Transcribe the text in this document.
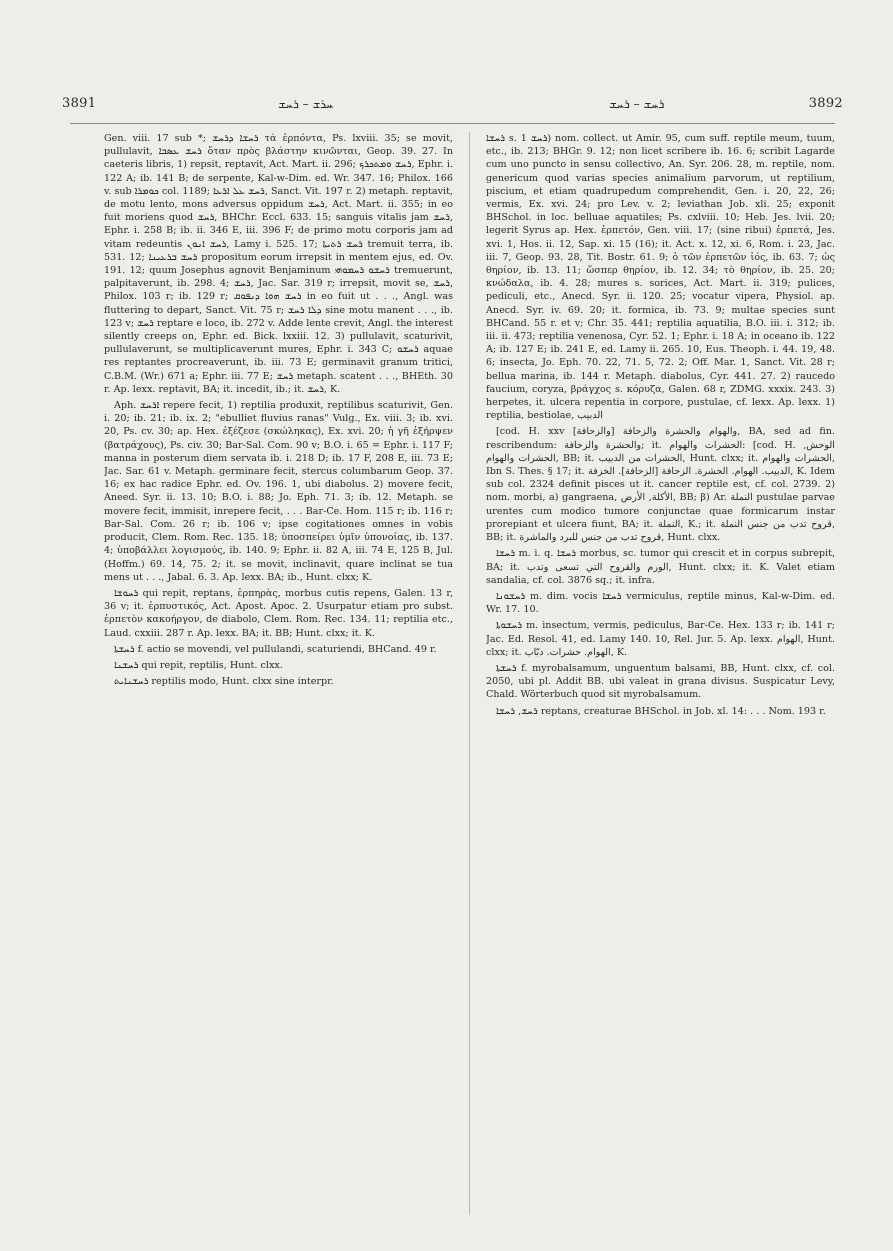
3891	ܚܪܫ – ܪܚܫ	ܪܚܫ – ܪܚܫ	3892

Gen. viii. 17 sub *; ܪܚܫܐ ܕܪܚܫ τὰ ἑρπόντα, Ps. lxviii. 35; se movit, pullulavit, ܪܚܫ ܥܣܒܐ ὅταν πρὸς βλάστην κινῶνται, Geop. 39. 27. In caeteris libris, 1) repsit, reptavit, Act. Mart. ii. 296; ܪܚܫ ܘܡܬܟܪܟ, Ephr. i. 122 A; ib. 141 B; de serpente, Kal-w-Dim. ed. Wr. 347. 16; Philox. 166 v. sub ܟܘܡܪܐ col. 1189; ܪܚܫ ܥܠ ܐܪܥܐ, Sanct. Vit. 197 r. 2) metaph. reptavit, de motu lento, mons adversus oppidum ܪܚܫ, Act. Mart. ii. 355; in eo fuit moriens quod ܪܚܫ, BHChr. Eccl. 633. 15; sanguis vitalis jam ܪܚܫ, Ephr. i. 258 B; ib. ii. 346 E, iii. 396 F; de primo motu corporis jam ad vitam redeuntis ܪܚܫ ܐܢܘܢ, Lamy i. 525. 17; ܪܚܫ ܪܬܝܬܐ tremuit terra, ib. 531. 12; ܪܚܫ ܒܪܥܝܢܐ propositum eorum irrepsit in mentem ejus, ed. Ov. 191. 12; quum Josephus agnovit Benjaminum ܪܚܫܘ ܪܚܡܘܗܝ tremuerunt, palpitaverunt, ib. 298. 4; ܪܚܫ, Jac. Sar. 319 r; irrepsit, movit se, ܪܚܫ, Philox. 103 r; ib. 129 r; ܪܚܫ ܗܘܐ ܕܢܦܘܩ in eo fuit ut . . ., Angl. was fluttering to depart, Sanct. Vit. 75 r; ܕܠܐ ܪܚܫ sine motu manent . . ., ib. 123 v; ܪܚܫ reptare e loco, ib. 272 v. Adde lente crevit, Angl. the interest silently creeps on, Ephr. ed. Bick. lxxiii. 12. 3) pullulavit, scaturivit, pullulaverunt, se multiplicaverunt mures, Ephr. i. 343 C; ܪܚܫܘ aquae res reptantes procreaverunt, ib. iii. 73 E; germinavit granum tritici, C.B.M. (Wr.) 671 a; Ephr. iii. 77 E; ܪܚܫ metaph. scatent . . ., BHEth. 30 r. Ap. lexx. reptavit, BA; it. incedit, ib.; it. ܪܚܫ, K.

Aph. ܐܪܚܫ repere fecit, 1) reptilia produxit, reptilibus scaturivit, Gen. i. 20; ib. 21; ib. ix. 2; "ebulliet fluvius ranas" Vulg., Ex. viii. 3; ib. xvi. 20, Ps. cv. 30; ap. Hex. ἐξέζεσε (σκώληκας), Ex. xvi. 20; ἡ γῆ ἐξήρψεν (βατράχους), Ps. civ. 30; Bar-Sal. Com. 90 v; B.O. i. 65 = Ephr. i. 117 F; manna in posterum diem servata ib. i. 218 D; ib. 17 F, 208 E, iii. 73 E; Jac. Sar. 61 v. Metaph. germinare fecit, stercus columbarum Geop. 37. 16; ex hac radice Ephr. ed. Ov. 196. 1, ubi diabolus. 2) movere fecit, Aneed. Syr. ii. 13. 10; B.O. i. 88; Jo. Eph. 71. 3; ib. 12. Metaph. se movere fecit, immisit, inrepere fecit, . . . Bar-Ce. Hom. 115 r; ib. 116 r; Bar-Sal. Com. 26 r; ib. 106 v; ipse cogitationes omnes in vobis producit, Clem. Rom. Rec. 135. 18; ὑποσπείρει ὑμῖν ὑπονοίας, ib. 137. 4; ὑποβάλλει λογισμούς, ib. 140. 9; Ephr. ii. 82 A, iii. 74 E, 125 B, Jul. (Hoffm.) 69. 14, 75. 2; it. se movit, inclinavit, quare inclinat se tua mens ut . . ., Jabal. 6. 3. Ap. lexx. BA; ib., Hunt. clxx; K.

ܪܚܘܫܐ qui repit, reptans, ἑρπηρὰς, morbus cutis repens, Galen. 13 r, 36 v; it. ἑρπυστικός, Act. Apost. Apoc. 2. Usurpatur etiam pro subst. ἑρπετὸν κακοήργον, de diabolo, Clem. Rom. Rec. 134. 11; reptilia etc., Laud. cxxiii. 287 r. Ap. lexx. BA; it. BB; Hunt. clxx; it. K.

ܪܚܫܬܐ f. actio se movendi, vel pullulandi, scaturiendi, BHCand. 49 r.

ܪܚܫܢܐ qui repit, reptilis, Hunt. clxx.

ܪܚܫܢܐܝܬ reptilis modo, Hunt. clxx sine interpr.

ܪܚܫܐ s. ܪܚܫ 1) nom. collect. ut Amir. 95, cum suff. reptile meum, tuum, etc., ib. 213; BHGr. 9. 12; non licet scribere ib. 16. 6; scribit Lagarde cum uno puncto in sensu collectivo, An. Syr. 206. 28, m. reptile, nom. genericum quod varias species animalium parvorum, ut reptilium, piscium, et etiam quadrupedum comprehendit, Gen. i. 20, 22, 26; vermis, Ex. xvi. 24; pro Lev. v. 2; leviathan Job. xli. 25; exponit BHSchol. in loc. belluae aquatiles; Ps. cxlviii. 10; Heb. Jes. lvii. 20; legerit Syrus ap. Hex. ἑρπετόν, Gen. viii. 17; (sine ribui) ἑρπετά, Jes. xvi. 1, Hos. ii. 12, Sap. xi. 15 (16); it. Act. x. 12, xi. 6, Rom. i. 23, Jac. iii. 7, Geop. 93. 28, Tit. Bostr. 61. 9; ὁ τῶν ἑρπετῶν ἰός, ib. 63. 7; ὡς θηρίον, ib. 13. 11; ὥσπερ θηρίον, ib. 12. 34; τὸ θηρίον, ib. 25. 20; κνώδαλα, ib. 4. 28; mures s. sorices, Act. Mart. ii. 319; pulices, pediculi, etc., Anecd. Syr. ii. 120. 25; vocatur vipera, Physiol. ap. Anecd. Syr. iv. 69. 20; it. formica, ib. 73. 9; multae species sunt BHCand. 55 r. et v; Chr. 35. 441; reptilia aquatilia, B.O. iii. i. 312; ib. iii. ii. 473; reptilia venenosa, Cyr. 52. 1; Ephr. i. 18 A; in oceano ib. 122 A; ib. 127 E; ib. 241 E, ed. Lamy ii. 265. 10, Eus. Theoph. i. 44. 19, 48. 6; insecta, Jo. Eph. 70. 22, 71. 5, 72. 2; Off. Mar. 1, Sanct. Vit. 28 r; bellua marina, ib. 144 r. Metaph. diabolus, Cyr. 441. 27. 2) raucedo faucium, coryza, βράγχος s. κόρυζα, Galen. 68 r, ZDMG. xxxix. 243. 3) herpetes, it. ulcera repentia in corpore, pustulae, cf. lexx. Ap. lexx. 1) reptilia, bestiolae, الدبيب

[cod. H. xxv والهوام والحشرة والزحافة [والزحافة], BA, sed ad fin. rescribendum: والحشرة والزحافة; it. الحشرات والهوام: [cod. H. الوحش, الحشرات والهوام, BB; it. الحشرات من الدبيب, Hunt. clxx; it. الحشرات والهوام, Ibn S. Thes. § 17; it. الدبيب. الهوام. الحشرة. الزحافة [الزحافة]. الخزفة, K. Idem sub col. 2324 definit pisces ut it. cancer reptile est, cf. col. 2739. 2) nom. morbi, a) gangraena, الأكلة, الأرض, BB; β) Ar. النملة pustulae parvae urentes cum modico tumore conjunctae quae formicarum instar prorepiant et ulcera fiunt, BA; it. النملة, K.; it. قروح تدب من جنس النملة, BB; it. قروح تدب من جنس للبرد والماشرة, Hunt. clxx.

ܪܚܫܐ m. i. q. ܪܚܫܐ morbus, sc. tumor qui crescit et in corpus subrepit, BA; it. الورم والقروح التي تسعى وتدب, Hunt. clxx; it. K. Valet etiam sandalia, cf. col. 3876 sq.; it. infra.

ܪܚܫܘܢܐ m. dim. vocis ܪܚܫܐ vermiculus, reptile minus, Kal-w-Dim. ed. Wr. 17. 10.

ܪܚܫܘܬܐ m. insectum, vermis, pediculus, Bar-Ce. Hex. 133 r; ib. 141 r; Jac. Ed. Resol. 41, ed. Lamy 140. 10, Rel. Jur. 5. Ap. lexx. الهوام, Hunt. clxx; it. الهوام. حشرات. دبّاب, K.

ܪܚܫܬܐ f. myrobalsamum, unguentum balsami, BB, Hunt. clxx, cf. col. 2050, ubi pl. Addit BB. ubi valeat in grana divisus. Suspicatur Levy, Chald. Wörterbuch quod sit myrobalsamum.

ܪܚܫ, ܪܚܫܐ reptans, creaturae BHSchol. in Job. xl. 14: . . . Nom. 193 r.
